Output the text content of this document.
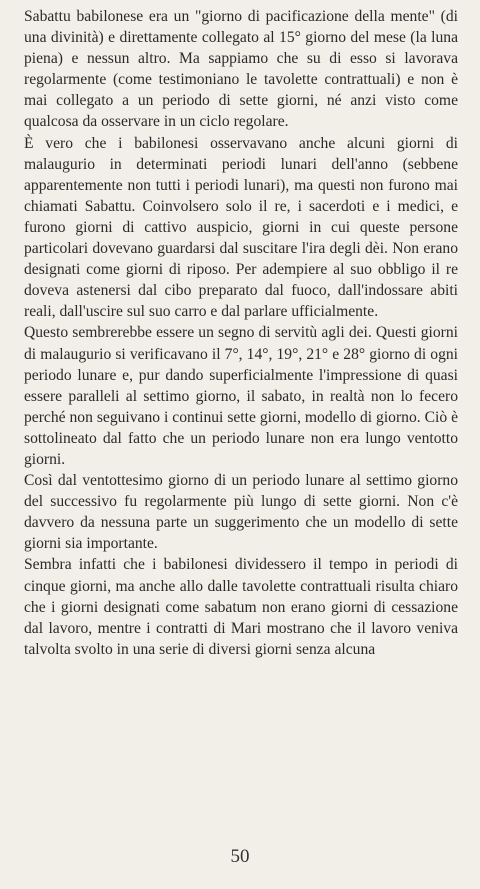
Sabattu babilonese era un "giorno di pacificazione della mente" (di una divinità) e direttamente collegato al 15° giorno del mese (la luna piena) e nessun altro. Ma sappiamo che su di esso si lavorava regolarmente (come testimoniano le tavolette contrattuali) e non è mai collegato a un periodo di sette giorni, né anzi visto come qualcosa da osservare in un ciclo regolare.

È vero che i babilonesi osservavano anche alcuni giorni di malaugurio in determinati periodi lunari dell'anno (sebbene apparentemente non tutti i periodi lunari), ma questi non furono mai chiamati Sabattu. Coinvolsero solo il re, i sacerdoti e i medici, e furono giorni di cattivo auspicio, giorni in cui queste persone particolari dovevano guardarsi dal suscitare l'ira degli dèi. Non erano designati come giorni di riposo. Per adempiere al suo obbligo il re doveva astenersi dal cibo preparato dal fuoco, dall'indossare abiti reali, dall'uscire sul suo carro e dal parlare ufficialmente.

Questo sembrerebbe essere un segno di servitù agli dei. Questi giorni di malaugurio si verificavano il 7°, 14°, 19°, 21° e 28° giorno di ogni periodo lunare e, pur dando superficialmente l'impressione di quasi essere paralleli al settimo giorno, il sabato, in realtà non lo fecero perché non seguivano i continui sette giorni, modello di giorno. Ciò è sottolineato dal fatto che un periodo lunare non era lungo ventotto giorni.

Così dal ventottesimo giorno di un periodo lunare al settimo giorno del successivo fu regolarmente più lungo di sette giorni. Non c'è davvero da nessuna parte un suggerimento che un modello di sette giorni sia importante.

Sembra infatti che i babilonesi dividessero il tempo in periodi di cinque giorni, ma anche allo dalle tavolette contrattuali risulta chiaro che i giorni designati come sabatum non erano giorni di cessazione dal lavoro, mentre i contratti di Mari mostrano che il lavoro veniva talvolta svolto in una serie di diversi giorni senza alcuna

50
